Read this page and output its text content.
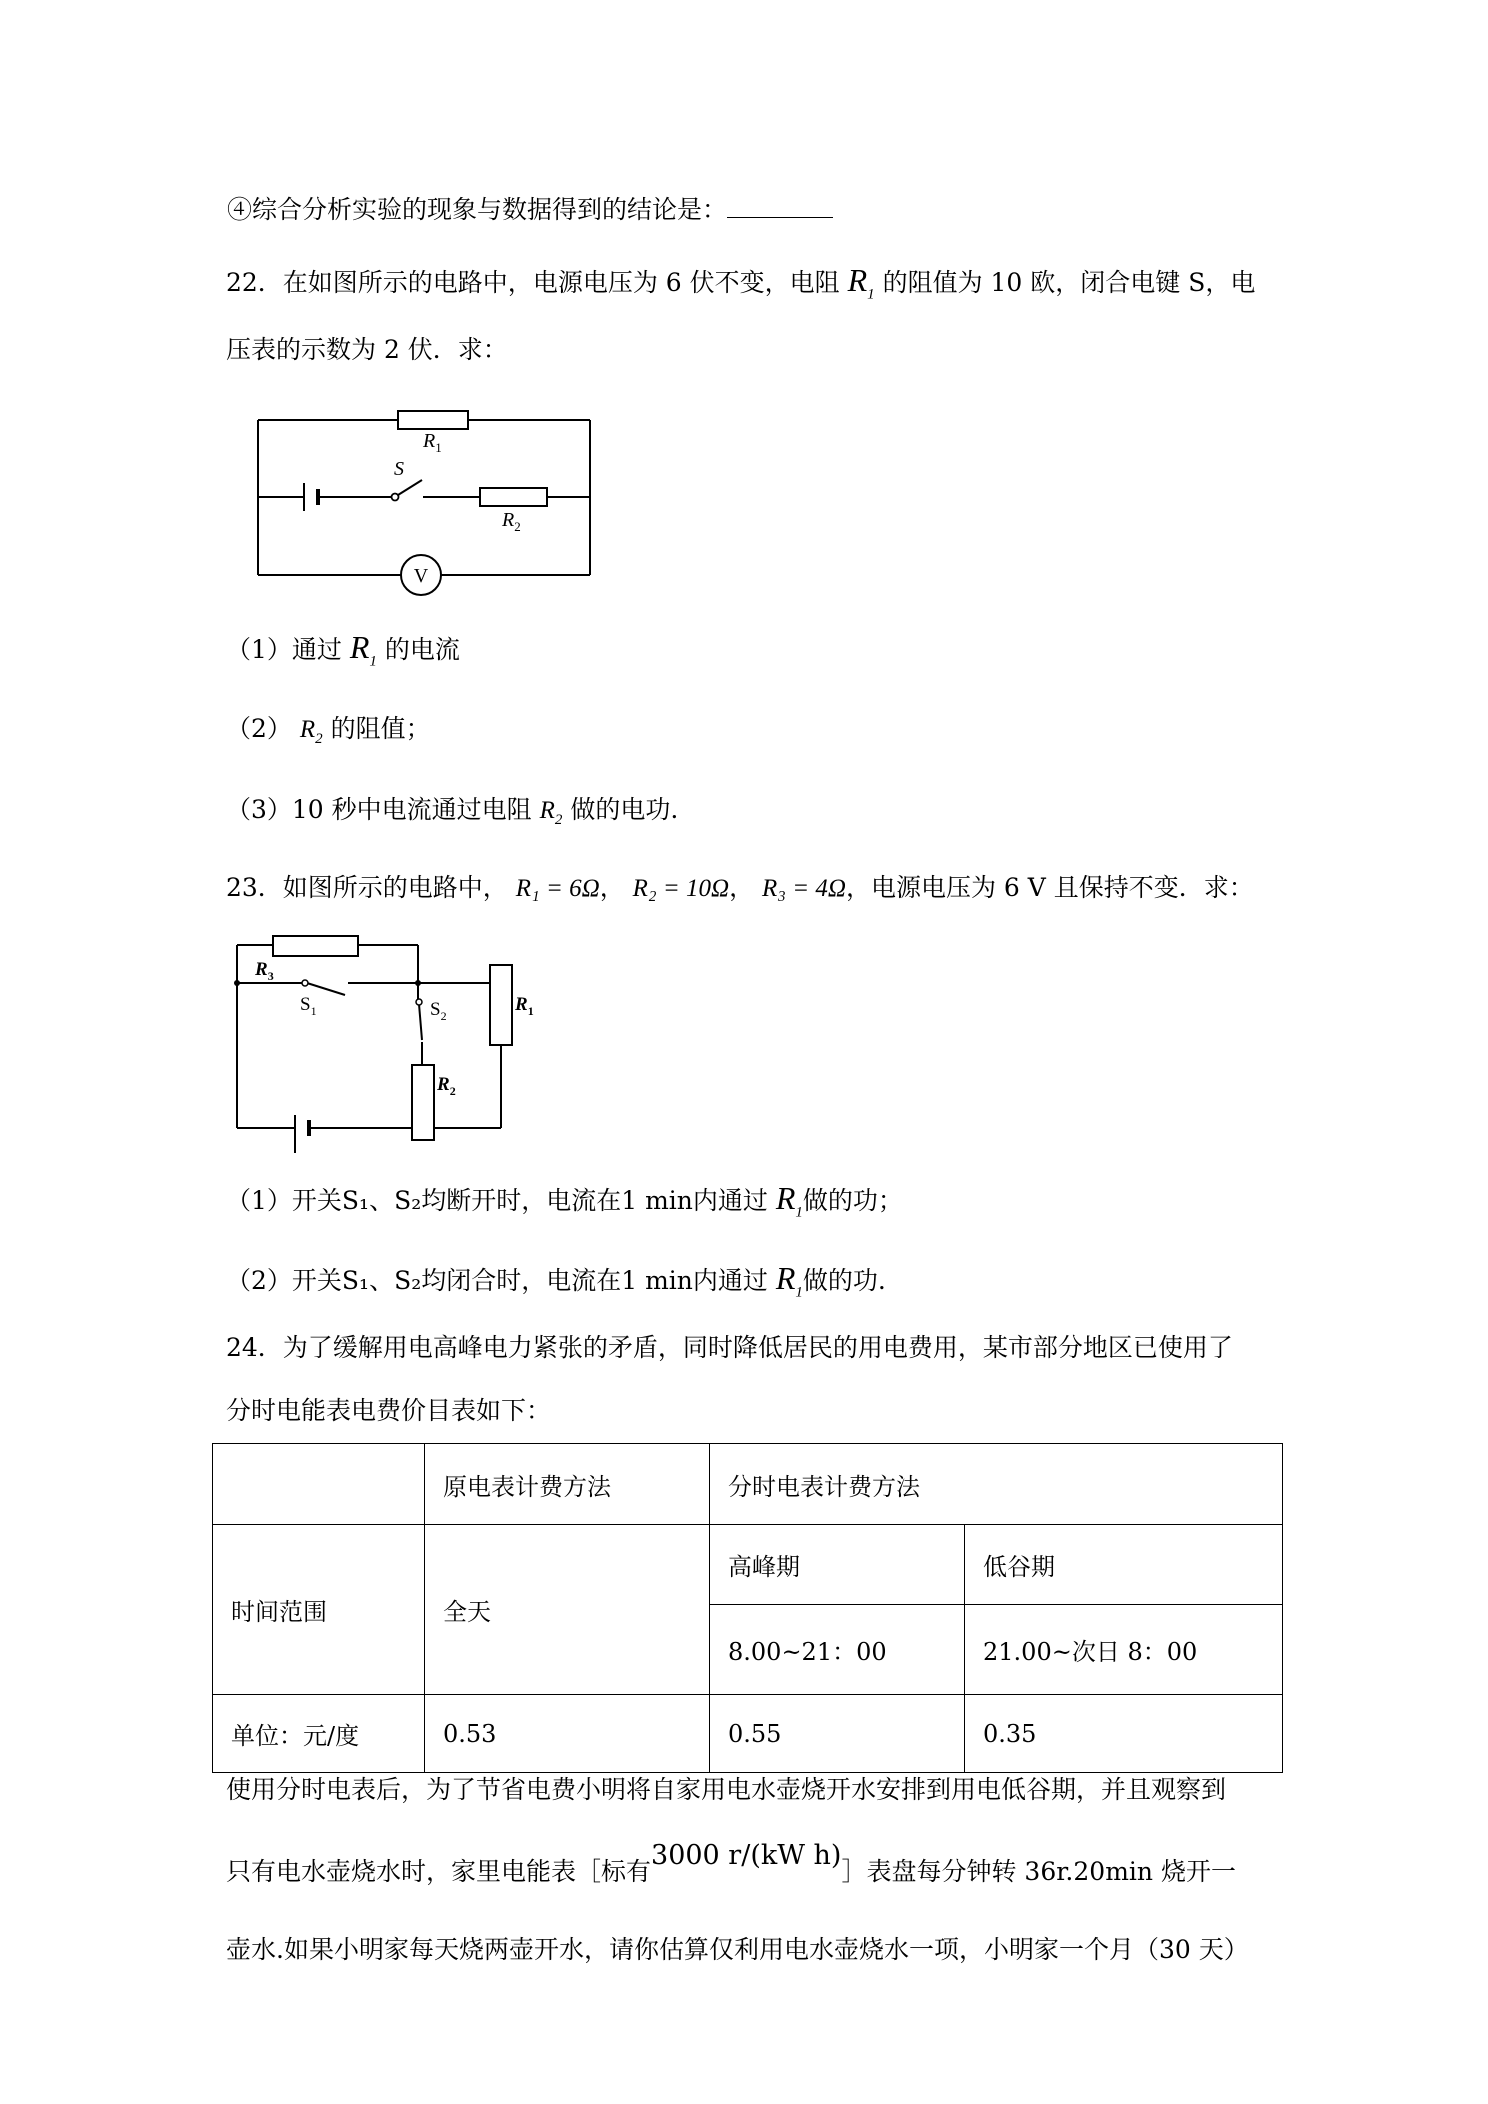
④综合分析实验的现象与数据得到的结论是：
22．在如图所示的电路中，电源电压为 6 伏不变，电阻 $R_1$ 的阻值为 10 欧，闭合电键 S，电
压表的示数为 2 伏．求：
V
$R_1$
S
$R_2$
（1）通过 $R_1$ 的电流
（2） $R_2$ 的阻值；
（3）10 秒中电流通过电阻 $R_2$ 做的电功.
23．如图所示的电路中， R₁ = 6Ω， R₂ = 10Ω， R₃ = 4Ω，电源电压为 6 V 且保持不变．求：
$R_3$
$S_1$	$S_2$
$R_1$
$R_2$
（1）开关S₁、S₂均断开时，电流在1 min内通过 $R_1$做的功；
（2）开关S₁、S₂均闭合时，电流在1 min内通过 $R_1$做的功.
24．为了缓解用电高峰电力紧张的矛盾，同时降低居民的用电费用，某市部分地区已使用了
分时电能表电费价目表如下：
	原电表计费方法	分时电表计费方法	
时间范围	全天	高峰期	低谷期
		8.00~21：00	21.00~次日 8：00
单位：元/度	0.53	0.55	0.35
使用分时电表后，为了节省电费小明将自家用电水壶烧开水安排到用电低谷期，并且观察到
只有电水壶烧水时，家里电能表［标有3000 r/(kW h)］表盘每分钟转 36r.20min 烧开一
壶水.如果小明家每天烧两壶开水，请你估算仅利用电水壶烧水一项，小明家一个月（30 天）
